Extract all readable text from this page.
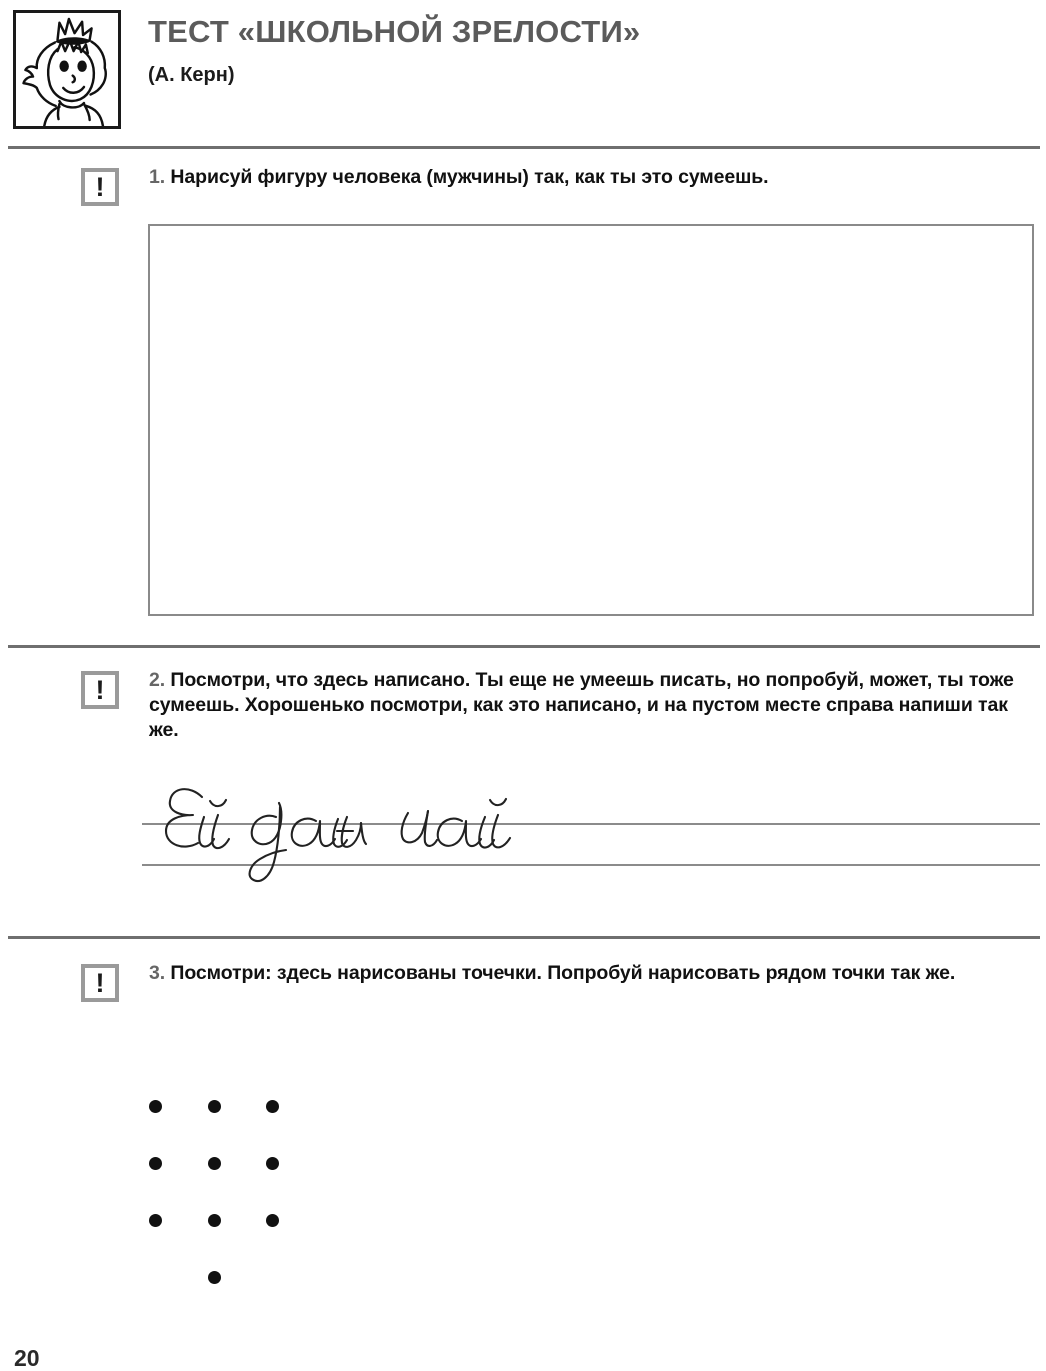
ТЕСТ «ШКОЛЬНОЙ ЗРЕЛОСТИ»
(А. Керн)
!	1. Нарисуй фигуру человека (мужчины) так, как ты это сумеешь.
!	2. Посмотри, что здесь написано. Ты еще не умеешь писать, но попробуй, может, ты тоже сумеешь. Хорошенько посмотри, как это написано, и на пустом месте справа напиши так же.
!	3. Посмотри: здесь нарисованы точечки. Попробуй нарисовать рядом точки так же.
20
